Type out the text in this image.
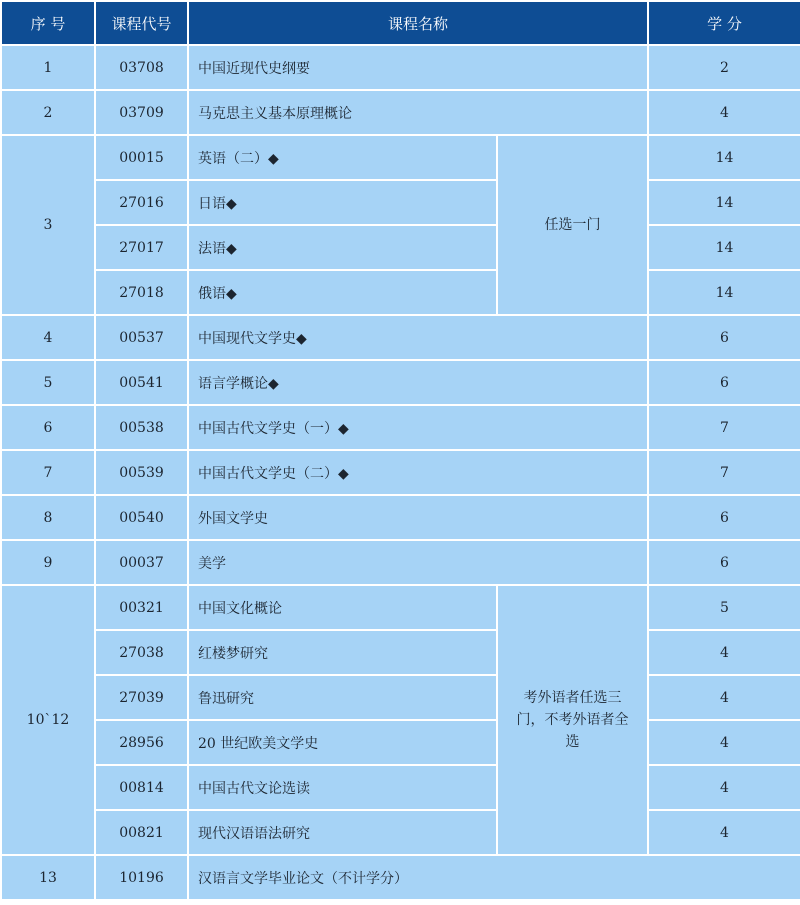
序 号	课程代号	课程名称		学 分
1	03708	中国近现代史纲要		2
2	03709	马克思主义基本原理概论		4
3	00015	英语（二）◆	任选一门	14
	27016	日语◆		14
	27017	法语◆		14
	27018	俄语◆		14
4	00537	中国现代文学史◆		6
5	00541	语言学概论◆		6
6	00538	中国古代文学史（一）◆		7
7	00539	中国古代文学史（二）◆		7
8	00540	外国文学史		6
9	00037	美学		6
10`12	00321	中国文化概论	考外语者任选三门，不考外语者全选	5
	27038	红楼梦研究		4
	27039	鲁迅研究		4
	28956	20 世纪欧美文学史		4
	00814	中国古代文论选读		4
	00821	现代汉语语法研究		4
13	10196	汉语言文学毕业论文（不计学分）		
